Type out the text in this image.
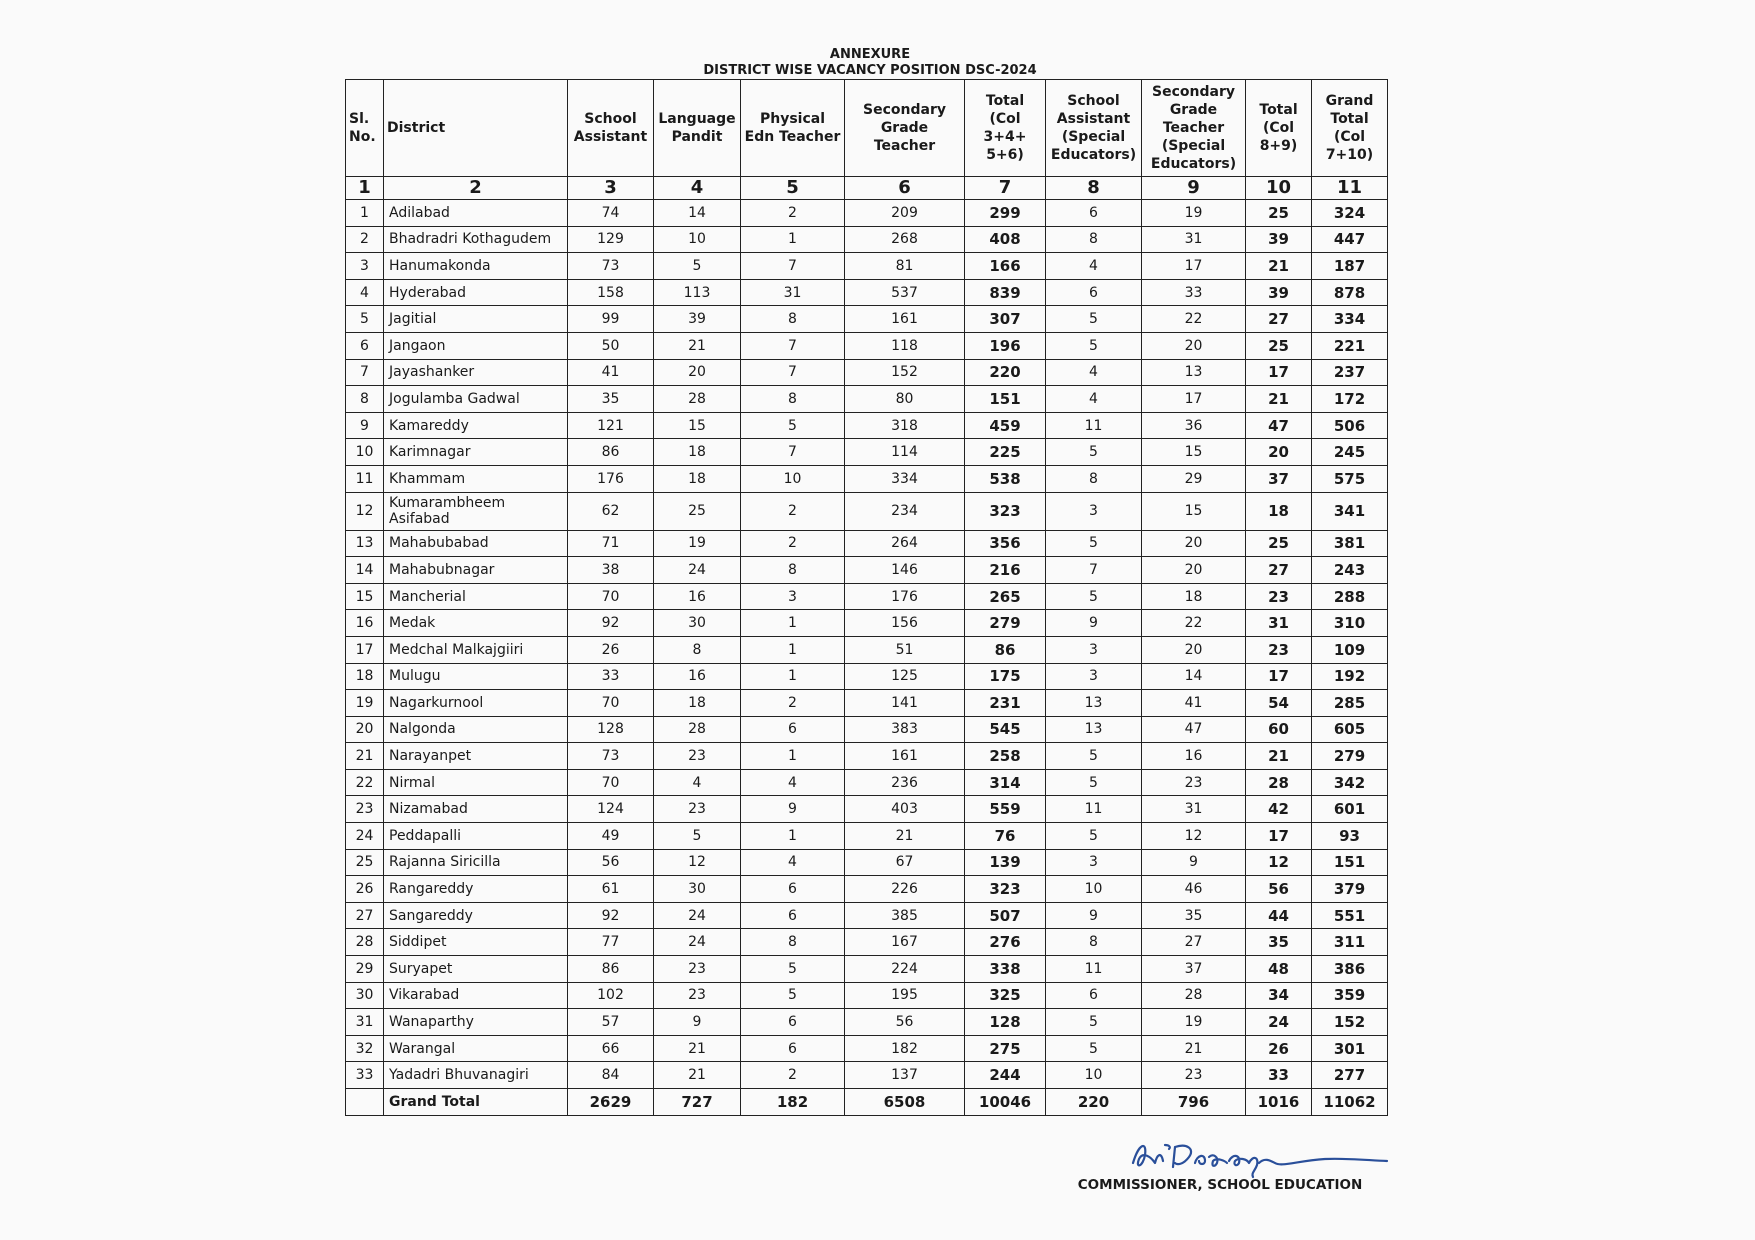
ANNEXURE
DISTRICT WISE VACANCY POSITION DSC-2024
Sl. No.	District	School Assistant	Language Pandit	Physical Edn Teacher	Secondary Grade Teacher	Total (Col 3+4+ 5+6)	School Assistant (Special Educators)	Secondary Grade Teacher (Special Educators)	Total (Col 8+9)	Grand Total (Col 7+10)
1	2	3	4	5	6	7	8	9	10	11
1	Adilabad	74	14	2	209	299	6	19	25	324
2	Bhadradri Kothagudem	129	10	1	268	408	8	31	39	447
3	Hanumakonda	73	5	7	81	166	4	17	21	187
4	Hyderabad	158	113	31	537	839	6	33	39	878
5	Jagitial	99	39	8	161	307	5	22	27	334
6	Jangaon	50	21	7	118	196	5	20	25	221
7	Jayashanker	41	20	7	152	220	4	13	17	237
8	Jogulamba Gadwal	35	28	8	80	151	4	17	21	172
9	Kamareddy	121	15	5	318	459	11	36	47	506
10	Karimnagar	86	18	7	114	225	5	15	20	245
11	Khammam	176	18	10	334	538	8	29	37	575
12	Kumarambheem Asifabad	62	25	2	234	323	3	15	18	341
13	Mahabubabad	71	19	2	264	356	5	20	25	381
14	Mahabubnagar	38	24	8	146	216	7	20	27	243
15	Mancherial	70	16	3	176	265	5	18	23	288
16	Medak	92	30	1	156	279	9	22	31	310
17	Medchal Malkajgiiri	26	8	1	51	86	3	20	23	109
18	Mulugu	33	16	1	125	175	3	14	17	192
19	Nagarkurnool	70	18	2	141	231	13	41	54	285
20	Nalgonda	128	28	6	383	545	13	47	60	605
21	Narayanpet	73	23	1	161	258	5	16	21	279
22	Nirmal	70	4	4	236	314	5	23	28	342
23	Nizamabad	124	23	9	403	559	11	31	42	601
24	Peddapalli	49	5	1	21	76	5	12	17	93
25	Rajanna Siricilla	56	12	4	67	139	3	9	12	151
26	Rangareddy	61	30	6	226	323	10	46	56	379
27	Sangareddy	92	24	6	385	507	9	35	44	551
28	Siddipet	77	24	8	167	276	8	27	35	311
29	Suryapet	86	23	5	224	338	11	37	48	386
30	Vikarabad	102	23	5	195	325	6	28	34	359
31	Wanaparthy	57	9	6	56	128	5	19	24	152
32	Warangal	66	21	6	182	275	5	21	26	301
33	Yadadri Bhuvanagiri	84	21	2	137	244	10	23	33	277
	Grand Total	2629	727	182	6508	10046	220	796	1016	11062
COMMISSIONER, SCHOOL EDUCATION
